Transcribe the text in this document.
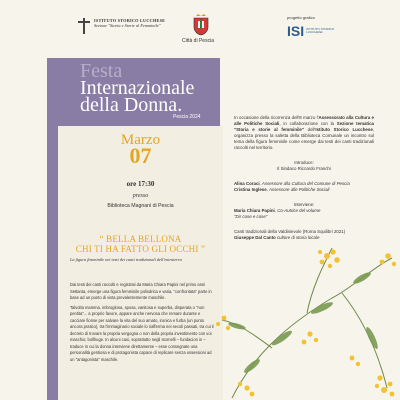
ISTITUTO STORICO LUCCHESE
Sezione "Storia e Storie al Femminile"
Città di Pescia
progetto grafico
ISI ISTITUTO STORICO
LUCCHESE
Festa
Internazionale
della Donna.
Pescia 2024
Marzo
07
ore 17:30
presso
Biblioteca Magnani di Pescia
“ BELLA BELLONA
CHI TI HA FATTO GLI OCCHI ”
La figura femminile nei testi dei canti tradizionali dell'entroterra

Dai testi dei canti raccolti e registrati da Maria Chiara Papini nel primo anni Settanta, emerge una figura femminile polisdrica e varia, "confrontata" parte in base ad un punto di vista prevalentemente maschile.

Talvolta mamma, imbroglona, sposa, vanitosa e superba, disperata o "non pentita"... a proprio favore, appare anche nervosa che remare durante e cacciare fionse per salvare la vita del suo amato, ironica e furba (un punto ancora pratico), tra l'immaginario sociale lo riafferma nei secoli passati, tra cui il decreto di trovare la propria vergogna o non della propria investimento con voi maschio; bollhuge. In alcuni casi, soprattutto negli stornelli – fundacion in – traduce in cui la donna interviene direttamente – esse consegnate una personalità gentiosa e di protagonista capace di replicare senza ossessioni ad un "antagonista" maschile.

In occasione della ricorrenza dell'8 marzo l'Assessorato alla Cultura e alle Politiche Sociali, in collaborazione con la Sezione tematica "Storia e storie al femminile" dell'Istituto Storico Lucchese, organizza presso la saletta della Biblioteca Comunale un incontro sul tema della figura femminile come emerge dai testi dei canti tradizionali raccolti nel territorio.

Introduce:
Il Sindaco Riccardo Franchi
Alina Coraci, Assessore alla Cultura del Comune di Pescia
Cristina Inglese, Assessore alle Politiche Sociali
Interviene:
Maria Chiara Papini, Co-Autrice del volume
"Dir cose e cose"
Canti tradizionali della Valdinievole (Roma Squilibri 2021)
Giuseppe Dal Canto cultore di storia locale
